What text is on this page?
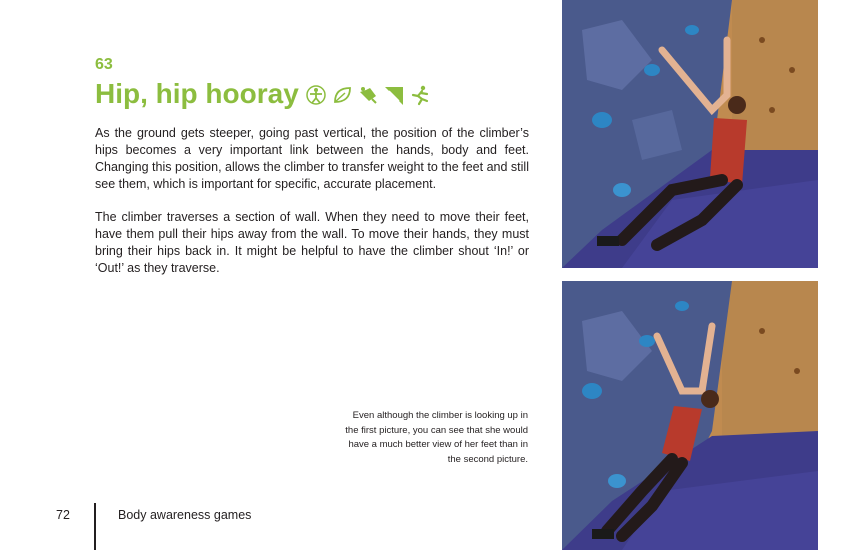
63
Hip, hip hooray

As the ground gets steeper, going past vertical, the position of the climber’s hips becomes a very important link between the hands, body and feet. Changing this position, allows the climber to transfer weight to the feet and still see them, which is important for specific, accurate placement.

The climber traverses a section of wall. When they need to move their feet, have them pull their hips away from the wall. To move their hands, they must bring their hips back in. It might be helpful to have the climber shout ‘In!’ or ‘Out!’ as they traverse.

Even although the climber is looking up in the first picture, you can see that she would have a much better view of her feet than in the second picture.

72	Body awareness games
